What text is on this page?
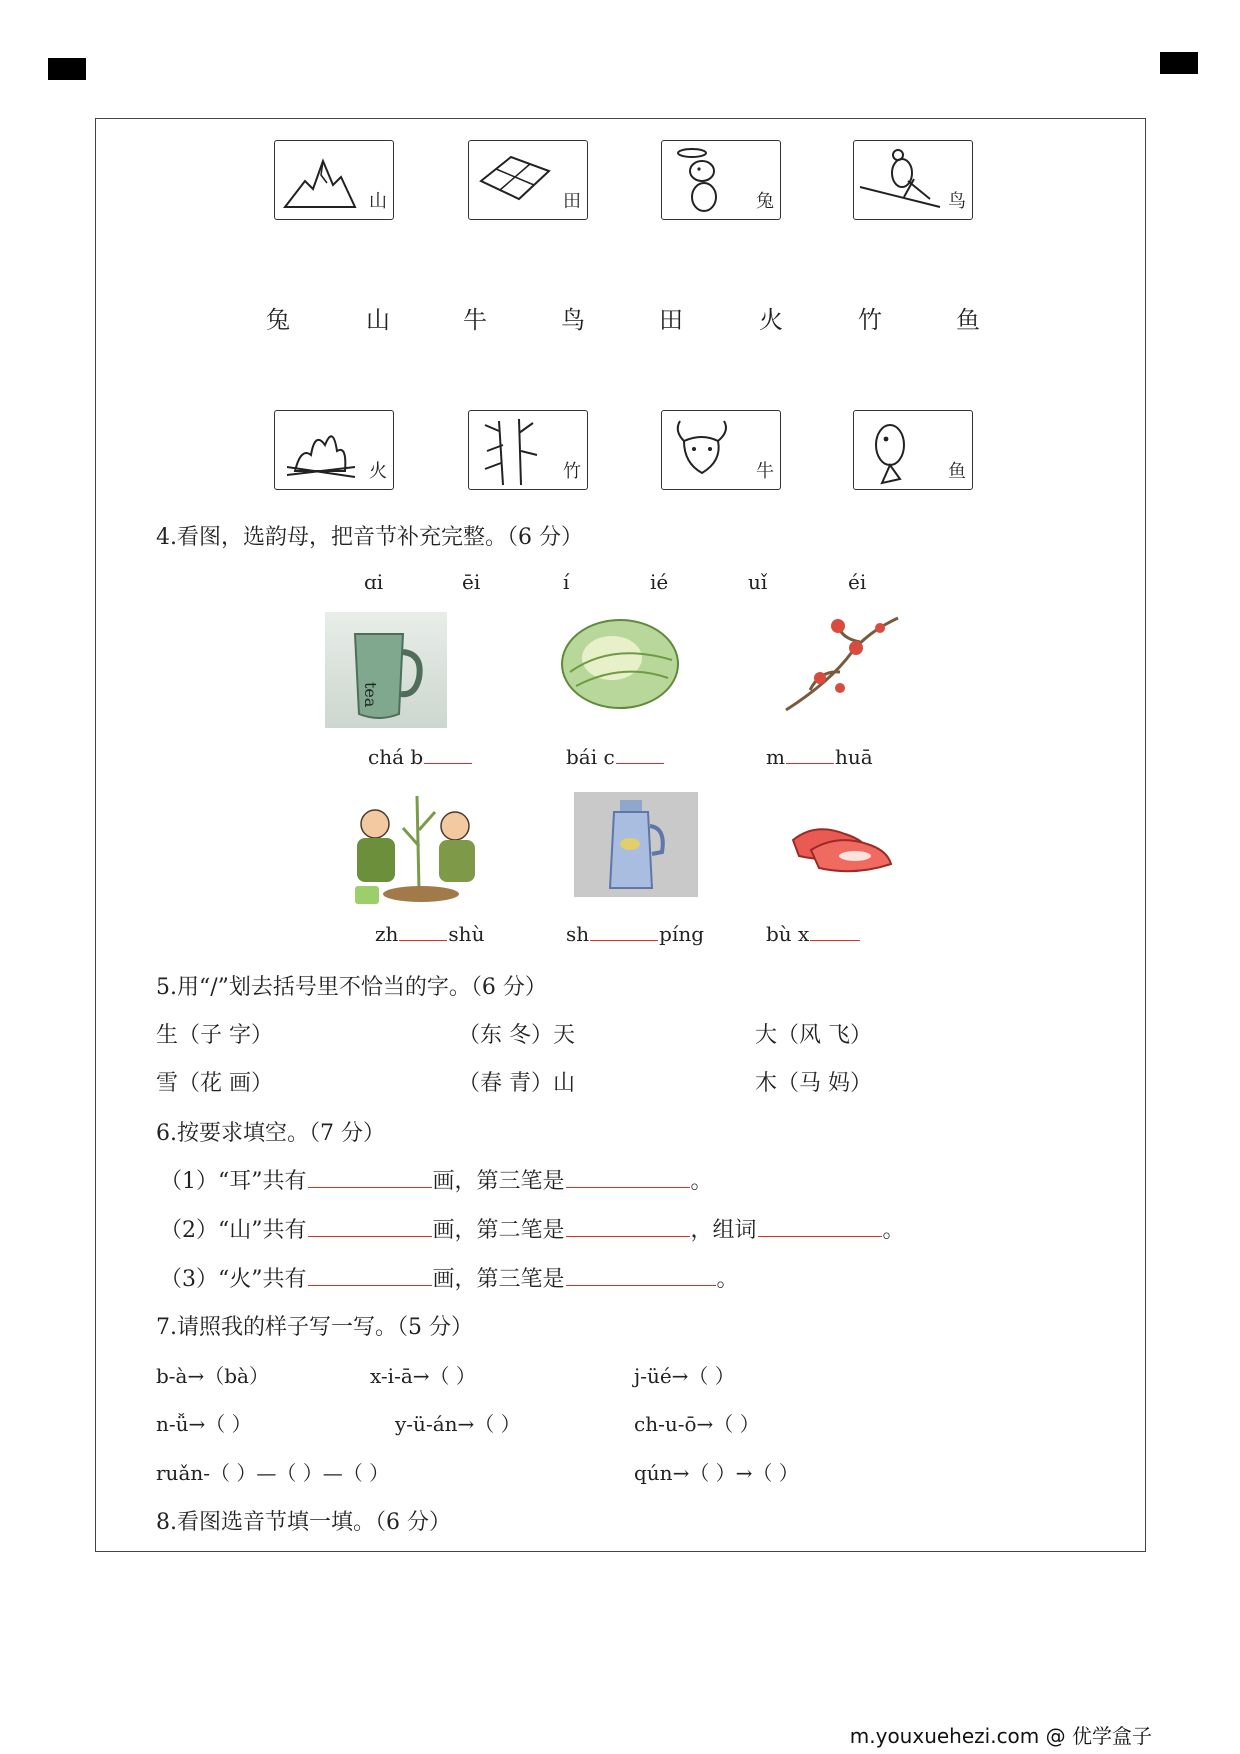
山	田	兔	鸟
兔	山	牛	鸟	田	火	竹	鱼
火	竹	牛	鱼
4.看图，选韵母，把音节补充完整。（6 分）
ɑi	ēi	í	ié	uǐ	éi
tea
chá b	bái c	m	huā
zh	shù	sh	píng	bù x
5.用“/”划去括号里不恰当的字。（6 分）
生（子 字）	（东 冬）天	大（风 飞）
雪（花 画）	（春 青）山	木（马 妈）
6.按要求填空。（7 分）
（1）“耳”共有	画，第三笔是	。
（2）“山”共有	画，第二笔是	，组词	。
（3）“火”共有	画，第三笔是	。
7.请照我的样子写一写。（5 分）
b-à→（bà）	x-i-ā→（ ）	j-üé→（ ）
n-ǚ→（ ）	y-ü-án→（ ）	ch-u-ō→（ ）
ruǎn-（ ）—（ ）—（ ）	qún→（ ）→（ ）
8.看图选音节填一填。（6 分）
m.youxuehezi.com @ 优学盒子
